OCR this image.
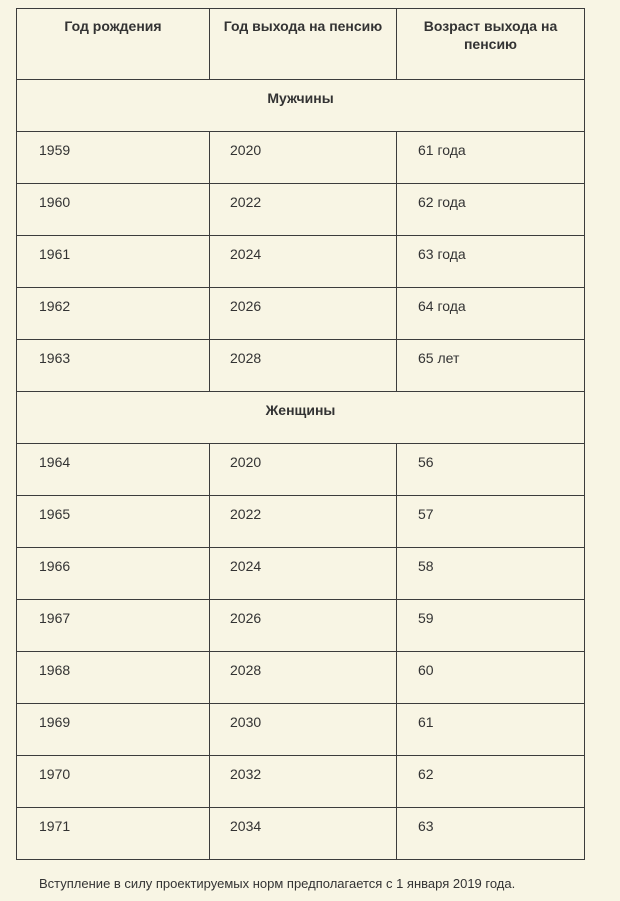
Год рождения	Год выхода на пенсию	Возраст выхода на пенсию
Мужчины		
1959	2020	61 года
1960	2022	62 года
1961	2024	63 года
1962	2026	64 года
1963	2028	65 лет
Женщины		
1964	2020	56
1965	2022	57
1966	2024	58
1967	2026	59
1968	2028	60
1969	2030	61
1970	2032	62
1971	2034	63
Вступление в силу проектируемых норм предполагается с 1 января 2019 года.
